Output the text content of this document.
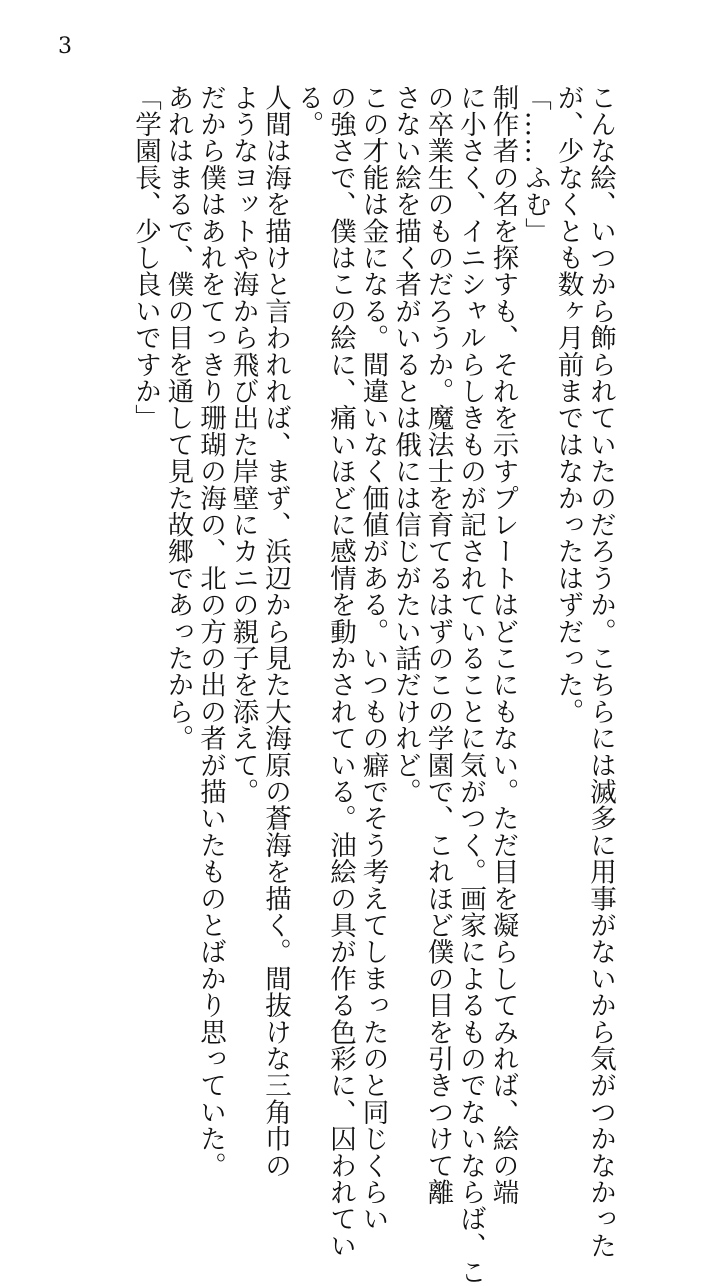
3
こんな絵、いつから飾られていたのだろうか。こちらには滅多に用事がないから気がつかなかった
が、少なくとも数ヶ月前まではなかったはずだった。
「……ふむ」
制作者の名を探すも、それを示すプレートはどこにもない。ただ目を凝らしてみれば、絵の端
に小さく、イニシャルらしきものが記されていることに気がつく。画家によるものでないならば、こ
の卒業生のものだろうか。魔法士を育てるはずのこの学園で、これほど僕の目を引きつけて離
さない絵を描く者がいるとは俄には信じがたい話だけれど。
この才能は金になる。間違いなく価値がある。いつもの癖でそう考えてしまったのと同じくらい
の強さで、僕はこの絵に、痛いほどに感情を動かされている。油絵の具が作る色彩に、囚われてい
る。
人間は海を描けと言われれば、まず、浜辺から見た大海原の蒼海を描く。間抜けな三角巾の
ようなヨットや海から飛び出た岸壁にカニの親子を添えて。
だから僕はあれをてっきり珊瑚の海の、北の方の出の者が描いたものとばかり思っていた。
あれはまるで、僕の目を通して見た故郷であったから。
「学園長、少し良いですか」
